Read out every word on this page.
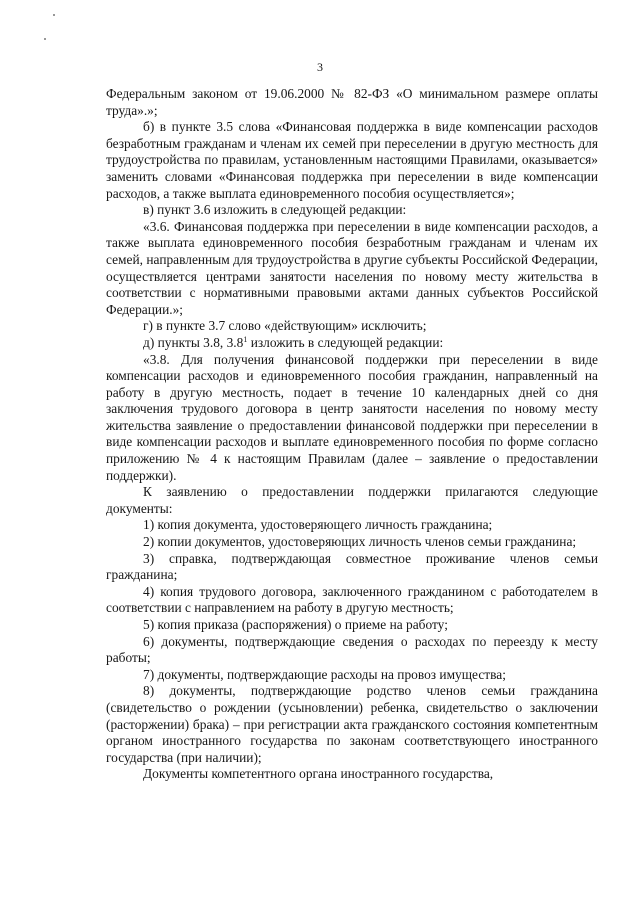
3

Федеральным законом от 19.06.2000 № 82-ФЗ «О минимальном размере оплаты труда».»;

б) в пункте 3.5 слова «Финансовая поддержка в виде компенсации расходов безработным гражданам и членам их семей при переселении в другую местность для трудоустройства по правилам, установленным настоящими Правилами, оказывается» заменить словами «Финансовая поддержка при переселении в виде компенсации расходов, а также выплата единовременного пособия осуществляется»;

в) пункт 3.6 изложить в следующей редакции:

«3.6. Финансовая поддержка при переселении в виде компенсации расходов, а также выплата единовременного пособия безработным гражданам и членам их семей, направленным для трудоустройства в другие субъекты Российской Федерации, осуществляется центрами занятости населения по новому месту жительства в соответствии с нормативными правовыми актами данных субъектов Российской Федерации.»;

г) в пункте 3.7 слово «действующим» исключить;

д) пункты 3.8, $3.8^1$ изложить в следующей редакции:

«3.8. Для получения финансовой поддержки при переселении в виде компенсации расходов и единовременного пособия гражданин, направленный на работу в другую местность, подает в течение 10 календарных дней со дня заключения трудового договора в центр занятости населения по новому месту жительства заявление о предоставлении финансовой поддержки при переселении в виде компенсации расходов и выплате единовременного пособия по форме согласно приложению № 4 к настоящим Правилам (далее – заявление о предоставлении поддержки).

К заявлению о предоставлении поддержки прилагаются следующие документы:

1) копия документа, удостоверяющего личность гражданина;

2) копии документов, удостоверяющих личность членов семьи гражданина;

3) справка, подтверждающая совместное проживание членов семьи гражданина;

4) копия трудового договора, заключенного гражданином с работодателем в соответствии с направлением на работу в другую местность;

5) копия приказа (распоряжения) о приеме на работу;

6) документы, подтверждающие сведения о расходах по переезду к месту работы;

7) документы, подтверждающие расходы на провоз имущества;

8) документы, подтверждающие родство членов семьи гражданина (свидетельство о рождении (усыновлении) ребенка, свидетельство о заключении (расторжении) брака) – при регистрации акта гражданского состояния компетентным органом иностранного государства по законам соответствующего иностранного государства (при наличии);

Документы компетентного органа иностранного государства,
